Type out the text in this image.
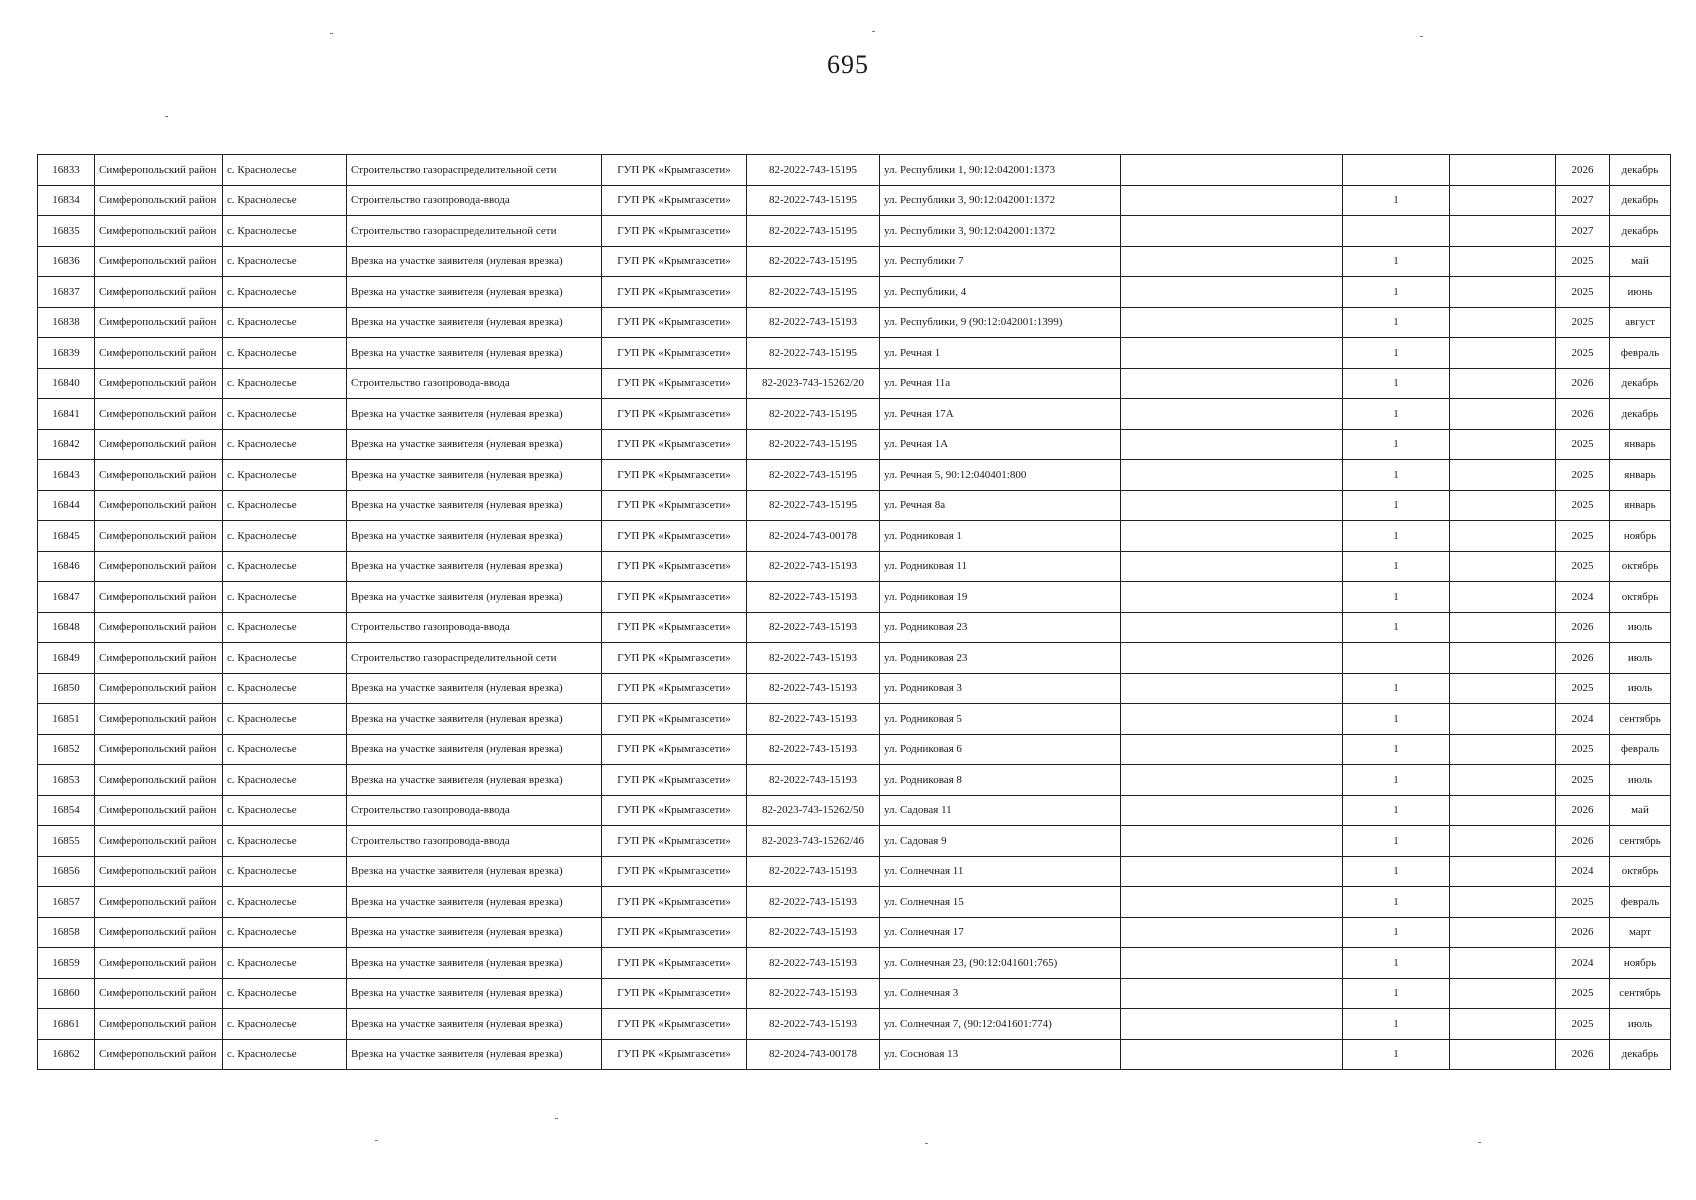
695
16833	Симферопольский район	с. Краснолесье	Строительство газораспределительной сети	ГУП РК «Крымгазсети»	82-2022-743-15195	ул. Республики 1, 90:12:042001:1373				2026	декабрь
16834	Симферопольский район	с. Краснолесье	Строительство газопровода-ввода	ГУП РК «Крымгазсети»	82-2022-743-15195	ул. Республики 3, 90:12:042001:1372		1		2027	декабрь
16835	Симферопольский район	с. Краснолесье	Строительство газораспределительной сети	ГУП РК «Крымгазсети»	82-2022-743-15195	ул. Республики 3, 90:12:042001:1372				2027	декабрь
16836	Симферопольский район	с. Краснолесье	Врезка на участке заявителя (нулевая врезка)	ГУП РК «Крымгазсети»	82-2022-743-15195	ул. Республики 7		1		2025	май
16837	Симферопольский район	с. Краснолесье	Врезка на участке заявителя (нулевая врезка)	ГУП РК «Крымгазсети»	82-2022-743-15195	ул. Республики, 4		1		2025	июнь
16838	Симферопольский район	с. Краснолесье	Врезка на участке заявителя (нулевая врезка)	ГУП РК «Крымгазсети»	82-2022-743-15193	ул. Республики, 9 (90:12:042001:1399)		1		2025	август
16839	Симферопольский район	с. Краснолесье	Врезка на участке заявителя (нулевая врезка)	ГУП РК «Крымгазсети»	82-2022-743-15195	ул. Речная 1		1		2025	февраль
16840	Симферопольский район	с. Краснолесье	Строительство газопровода-ввода	ГУП РК «Крымгазсети»	82-2023-743-15262/20	ул. Речная 11а		1		2026	декабрь
16841	Симферопольский район	с. Краснолесье	Врезка на участке заявителя (нулевая врезка)	ГУП РК «Крымгазсети»	82-2022-743-15195	ул. Речная 17А		1		2026	декабрь
16842	Симферопольский район	с. Краснолесье	Врезка на участке заявителя (нулевая врезка)	ГУП РК «Крымгазсети»	82-2022-743-15195	ул. Речная 1А		1		2025	январь
16843	Симферопольский район	с. Краснолесье	Врезка на участке заявителя (нулевая врезка)	ГУП РК «Крымгазсети»	82-2022-743-15195	ул. Речная 5, 90:12:040401:800		1		2025	январь
16844	Симферопольский район	с. Краснолесье	Врезка на участке заявителя (нулевая врезка)	ГУП РК «Крымгазсети»	82-2022-743-15195	ул. Речная 8а		1		2025	январь
16845	Симферопольский район	с. Краснолесье	Врезка на участке заявителя (нулевая врезка)	ГУП РК «Крымгазсети»	82-2024-743-00178	ул. Родниковая 1		1		2025	ноябрь
16846	Симферопольский район	с. Краснолесье	Врезка на участке заявителя (нулевая врезка)	ГУП РК «Крымгазсети»	82-2022-743-15193	ул. Родниковая 11		1		2025	октябрь
16847	Симферопольский район	с. Краснолесье	Врезка на участке заявителя (нулевая врезка)	ГУП РК «Крымгазсети»	82-2022-743-15193	ул. Родниковая 19		1		2024	октябрь
16848	Симферопольский район	с. Краснолесье	Строительство газопровода-ввода	ГУП РК «Крымгазсети»	82-2022-743-15193	ул. Родниковая 23		1		2026	июль
16849	Симферопольский район	с. Краснолесье	Строительство газораспределительной сети	ГУП РК «Крымгазсети»	82-2022-743-15193	ул. Родниковая 23				2026	июль
16850	Симферопольский район	с. Краснолесье	Врезка на участке заявителя (нулевая врезка)	ГУП РК «Крымгазсети»	82-2022-743-15193	ул. Родниковая 3		1		2025	июль
16851	Симферопольский район	с. Краснолесье	Врезка на участке заявителя (нулевая врезка)	ГУП РК «Крымгазсети»	82-2022-743-15193	ул. Родниковая 5		1		2024	сентябрь
16852	Симферопольский район	с. Краснолесье	Врезка на участке заявителя (нулевая врезка)	ГУП РК «Крымгазсети»	82-2022-743-15193	ул. Родниковая 6		1		2025	февраль
16853	Симферопольский район	с. Краснолесье	Врезка на участке заявителя (нулевая врезка)	ГУП РК «Крымгазсети»	82-2022-743-15193	ул. Родниковая 8		1		2025	июль
16854	Симферопольский район	с. Краснолесье	Строительство газопровода-ввода	ГУП РК «Крымгазсети»	82-2023-743-15262/50	ул. Садовая 11		1		2026	май
16855	Симферопольский район	с. Краснолесье	Строительство газопровода-ввода	ГУП РК «Крымгазсети»	82-2023-743-15262/46	ул. Садовая 9		1		2026	сентябрь
16856	Симферопольский район	с. Краснолесье	Врезка на участке заявителя (нулевая врезка)	ГУП РК «Крымгазсети»	82-2022-743-15193	ул. Солнечная 11		1		2024	октябрь
16857	Симферопольский район	с. Краснолесье	Врезка на участке заявителя (нулевая врезка)	ГУП РК «Крымгазсети»	82-2022-743-15193	ул. Солнечная 15		1		2025	февраль
16858	Симферопольский район	с. Краснолесье	Врезка на участке заявителя (нулевая врезка)	ГУП РК «Крымгазсети»	82-2022-743-15193	ул. Солнечная 17		1		2026	март
16859	Симферопольский район	с. Краснолесье	Врезка на участке заявителя (нулевая врезка)	ГУП РК «Крымгазсети»	82-2022-743-15193	ул. Солнечная 23, (90:12:041601:765)		1		2024	ноябрь
16860	Симферопольский район	с. Краснолесье	Врезка на участке заявителя (нулевая врезка)	ГУП РК «Крымгазсети»	82-2022-743-15193	ул. Солнечная 3		1		2025	сентябрь
16861	Симферопольский район	с. Краснолесье	Врезка на участке заявителя (нулевая врезка)	ГУП РК «Крымгазсети»	82-2022-743-15193	ул. Солнечная 7, (90:12:041601:774)		1		2025	июль
16862	Симферопольский район	с. Краснолесье	Врезка на участке заявителя (нулевая врезка)	ГУП РК «Крымгазсети»	82-2024-743-00178	ул. Сосновая 13		1		2026	декабрь
